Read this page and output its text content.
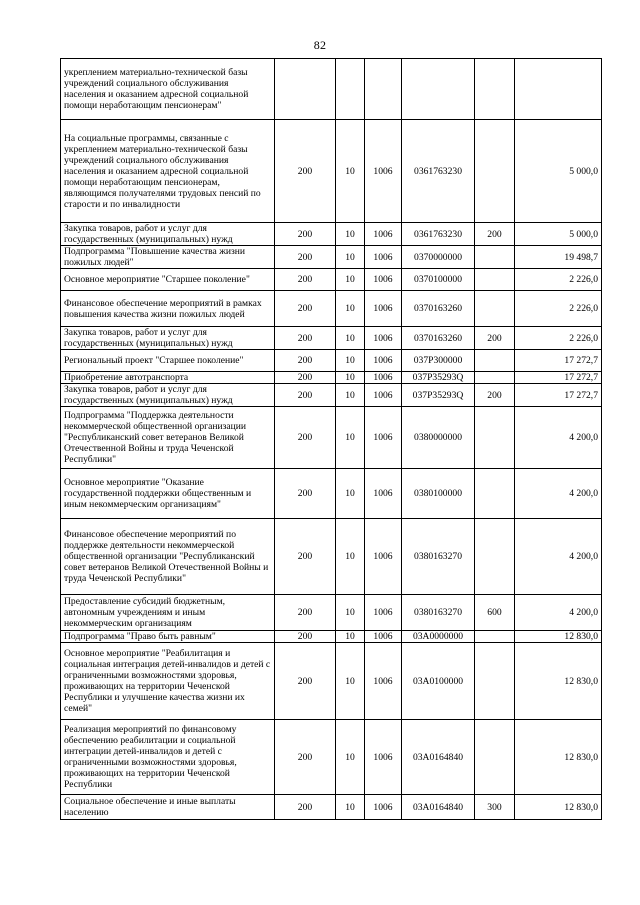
82
укреплением материально-технической базы учреждений социального обслуживания населения и оказанием адресной социальной помощи неработающим пенсионерам"						
На социальные программы, связанные с укреплением материально-технической базы учреждений социального обслуживания населения и оказанием адресной социальной помощи неработающим пенсионерам, являющимся получателями трудовых пенсий по старости и по инвалидности	200	10	1006	0361763230		5 000,0
Закупка товаров, работ и услуг для государственных (муниципальных) нужд	200	10	1006	0361763230	200	5 000,0
Подпрограмма "Повышение качества жизни пожилых людей"	200	10	1006	0370000000		19 498,7
Основное мероприятие "Старшее поколение"	200	10	1006	0370100000		2 226,0
Финансовое обеспечение мероприятий в рамках повышения качества жизни пожилых людей	200	10	1006	0370163260		2 226,0
Закупка товаров, работ и услуг для государственных (муниципальных) нужд	200	10	1006	0370163260	200	2 226,0
Региональный проект "Старшее поколение"	200	10	1006	037Р300000		17 272,7
Приобретение автотранспорта	200	10	1006	037Р35293Q		17 272,7
Закупка товаров, работ и услуг для государственных (муниципальных) нужд	200	10	1006	037Р35293Q	200	17 272,7
Подпрограмма "Поддержка деятельности некоммерческой общественной организации "Республиканский совет ветеранов Великой Отечественной Войны и труда Чеченской Республики"	200	10	1006	0380000000		4 200,0
Основное мероприятие "Оказание государственной поддержки общественным и иным некоммерческим организациям"	200	10	1006	0380100000		4 200,0
Финансовое обеспечение мероприятий по поддержке деятельности некоммерческой общественной организации "Республиканский совет ветеранов Великой Отечественной Войны и труда Чеченской Республики"	200	10	1006	0380163270		4 200,0
Предоставление субсидий бюджетным, автономным учреждениям и иным некоммерческим организациям	200	10	1006	0380163270	600	4 200,0
Подпрограмма "Право быть равным"	200	10	1006	03А0000000		12 830,0
Основное мероприятие "Реабилитация и социальная интеграция детей-инвалидов и детей с ограниченными возможностями здоровья, проживающих на территории Чеченской Республики и улучшение качества жизни их семей"	200	10	1006	03А0100000		12 830,0
Реализация мероприятий по финансовому обеспечению реабилитации и социальной интеграции детей-инвалидов и детей с ограниченными возможностями здоровья, проживающих на территории Чеченской Республики	200	10	1006	03А0164840		12 830,0
Социальное обеспечение и иные выплаты населению	200	10	1006	03А0164840	300	12 830,0
